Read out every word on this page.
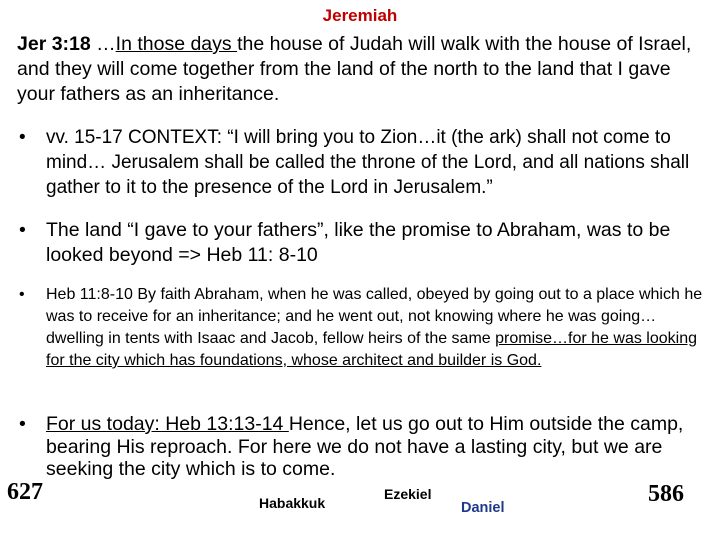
Jeremiah
Jer 3:18 …In those days the house of Judah will walk with the house of Israel, and they will come together from the land of the north to the land that I gave your fathers as an inheritance.
• vv. 15-17 CONTEXT: “I will bring you to Zion…it (the ark) shall not come to mind… Jerusalem shall be called the throne of the Lord, and all nations shall gather to it to the presence of the Lord in Jerusalem.”
• The land “I gave to your fathers”, like the promise to Abraham, was to be looked beyond => Heb 11: 8-10
• Heb 11:8-10 By faith Abraham, when he was called, obeyed by going out to a place which he was to receive for an inheritance; and he went out, not knowing where he was going…dwelling in tents with Isaac and Jacob, fellow heirs of the same promise…for he was looking for the city which has foundations, whose architect and builder is God.
• For us today: Heb 13:13-14 Hence, let us go out to Him outside the camp, bearing His reproach. For here we do not have a lasting city, but we are seeking the city which is to come.
627	Habakkuk
Ezekiel
Daniel
586
